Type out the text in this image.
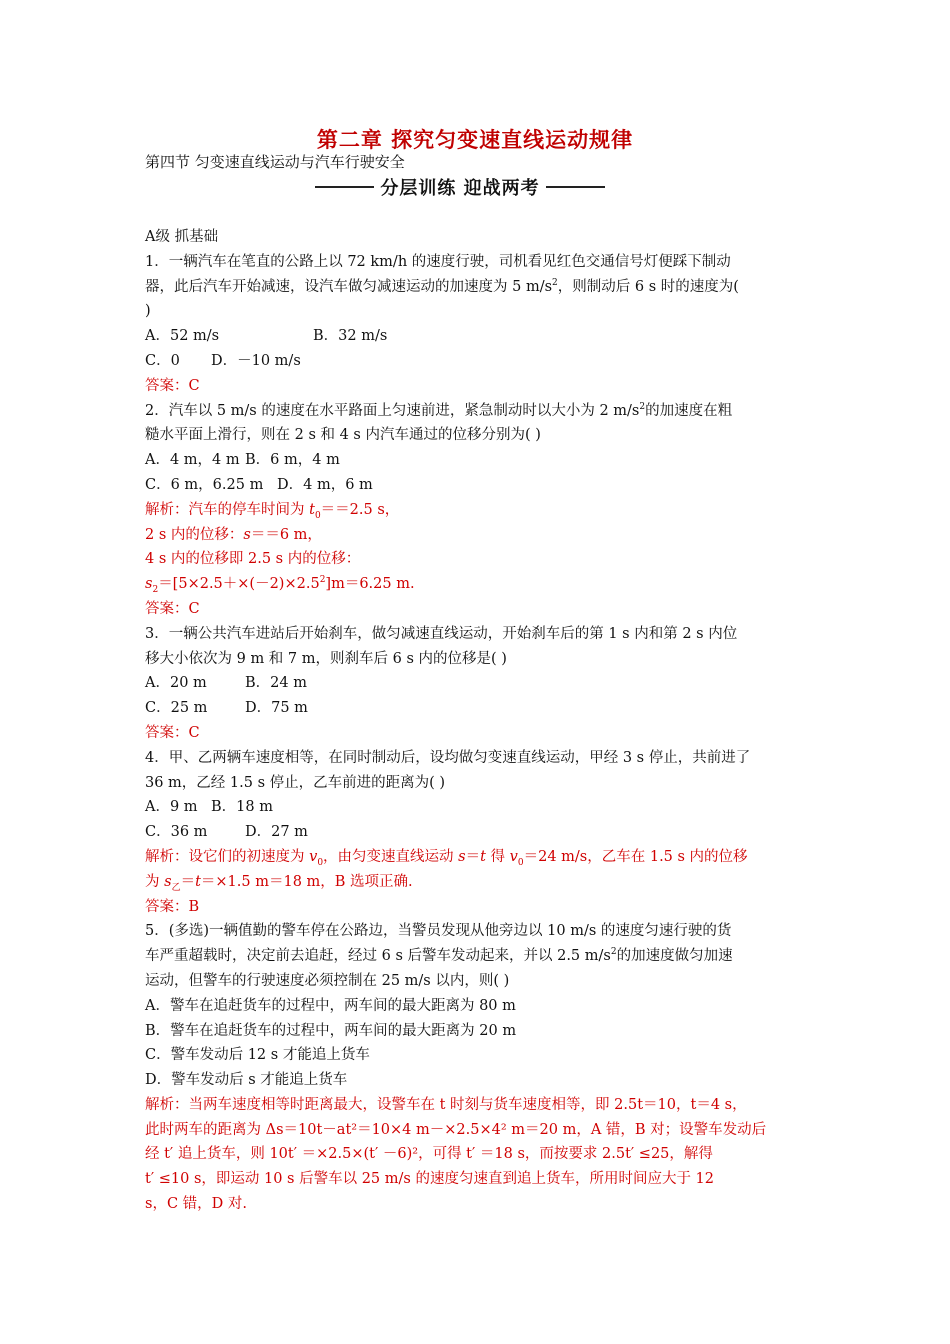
第二章 探究匀变速直线运动规律
第四节 匀变速直线运动与汽车行驶安全
分层训练 迎战两考
A级 抓基础
1．一辆汽车在笔直的公路上以 72 km/h 的速度行驶，司机看见红色交通信号灯便踩下制动
器，此后汽车开始减速，设汽车做匀减速运动的加速度为 5 $m/s^2$，则制动后 6 s 时的速度为(
)
A．52 m/s	B．32 m/s
C．0 D．－10 m/s
答案：C
2．汽车以 5 m/s 的速度在水平路面上匀速前进，紧急制动时以大小为 2 $m/s^2$的加速度在粗
糙水平面上滑行，则在 2 s 和 4 s 内汽车通过的位移分别为( )
A．4 m，4 m B．6 m，4 m
C．6 m，6.25 m D．4 m，6 m
解析：汽车的停车时间为 $t_0==2.5$ s，
2 s 内的位移：s＝＝6 m，
4 s 内的位移即 2.5 s 内的位移：
$s_2=[5\times 2.5+\times(-2)\times 2.5^2]m=6.25$ m.
答案：C
3．一辆公共汽车进站后开始刹车，做匀减速直线运动，开始刹车后的第 1 s 内和第 2 s 内位
移大小依次为 9 m 和 7 m，则刹车后 6 s 内的位移是( )
A．20 m	B．24 m
C．25 m	D．75 m
答案：C
4．甲、乙两辆车速度相等，在同时制动后，设均做匀变速直线运动，甲经 3 s 停止，共前进了
36 m，乙经 1.5 s 停止，乙车前进的距离为( )
A．9 m B．18 m
C．36 m	D．27 m
解析：设它们的初速度为 $v_0$，由匀变速直线运动 s＝t 得 $v_0=24$ m/s，乙车在 1.5 s 内的位移
为 $s_乙=t=\times 1.5$ m＝18 m，B 选项正确.
答案：B
5．(多选)一辆值勤的警车停在公路边，当警员发现从他旁边以 10 m/s 的速度匀速行驶的货
车严重超载时，决定前去追赶，经过 6 s 后警车发动起来，并以 2.5 $m/s^2$的加速度做匀加速
运动，但警车的行驶速度必须控制在 25 m/s 以内，则( )
A．警车在追赶货车的过程中，两车间的最大距离为 80 m
B．警车在追赶货车的过程中，两车间的最大距离为 20 m
C．警车发动后 12 s 才能追上货车
D．警车发动后 s 才能追上货车
解析：当两车速度相等时距离最大，设警车在 t 时刻与货车速度相等，即 2.5t＝10，t＝4 s，
此时两车的距离为 Δs＝10t－at²＝10×4 m－×2.5×4² m＝20 m，A 错，B 对；设警车发动后
经 t′ 追上货车，则 10t′ ＝×2.5×(t′ －6)²，可得 t′ ＝18 s，而按要求 2.5t′ ≤25，解得
t′ ≤10 s，即运动 10 s 后警车以 25 m/s 的速度匀速直到追上货车，所用时间应大于 12
s，C 错，D 对.
